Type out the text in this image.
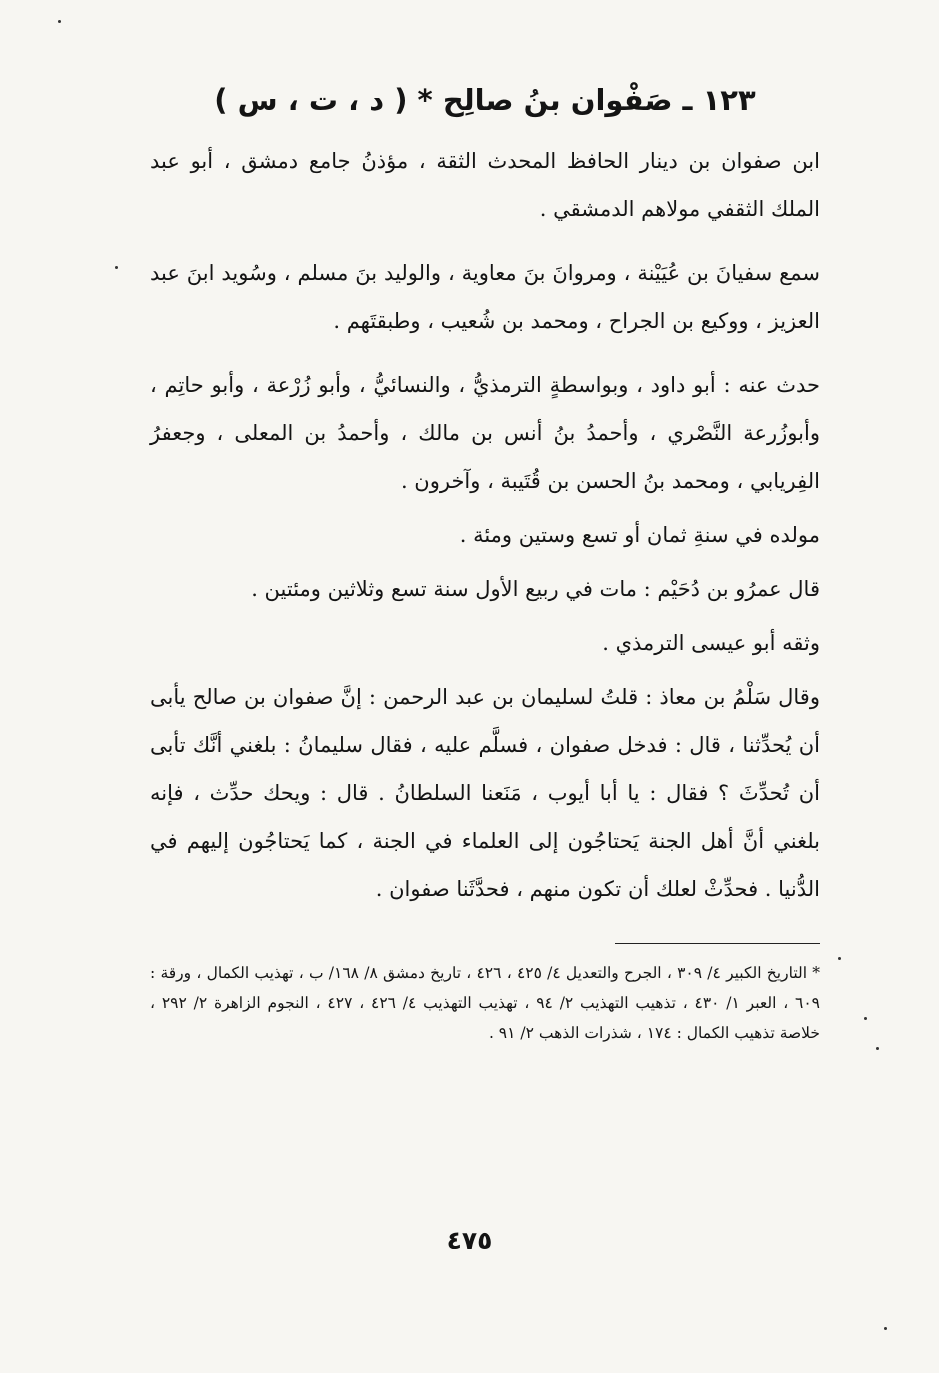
١٢٣ ـ صَفْوان بنُ صالِح * ( د ، ت ، س )

ابن صفوان بن دينار الحافظ المحدث الثقة ، مؤذنُ جامع دمشق ، أبو عبد الملك الثقفي مولاهم الدمشقي .

سمع سفيانَ بن عُيَيْنة ، ومروانَ بنَ معاوية ، والوليد بنَ مسلم ، وسُويد ابنَ عبد العزيز ، ووكيع بن الجراح ، ومحمد بن شُعيب ، وطبقتَهم .

حدث عنه : أبو داود ، وبواسطةٍ الترمذيُّ ، والنسائيُّ ، وأبو زُرْعة ، وأبو حاتِم ، وأبوزُرعة النَّصْري ، وأحمدُ بنُ أنس بن مالك ، وأحمدُ بن المعلى ، وجعفرُ الفِريابي ، ومحمد بنُ الحسن بن قُتَيبة ، وآخرون .

مولده في سنةِ ثمان أو تسع وستين ومئة .

قال عمرُو بن دُحَيْم : مات في ربيع الأول سنة تسع وثلاثين ومئتين .

وثقه أبو عيسى الترمذي .

وقال سَلْمُ بن معاذ : قلتُ لسليمان بن عبد الرحمن : إنَّ صفوان بن صالح يأبى أن يُحدِّثنا ، قال : فدخل صفوان ، فسلَّم عليه ، فقال سليمانُ : بلغني أنَّك تأبى أن تُحدِّثَ ؟ فقال : يا أبا أيوب ، مَنَعنا السلطانُ . قال : ويحك حدِّث ، فإنه بلغني أنَّ أهل الجنة يَحتاجُون إلى العلماء في الجنة ، كما يَحتاجُون إليهم في الدُّنيا . فحدِّثْ لعلك أن تكون منهم ، فحدَّثَنا صفوان .

* التاريخ الكبير ٤/ ٣٠٩ ، الجرح والتعديل ٤/ ٤٢٥ ، ٤٢٦ ، تاريخ دمشق ٨/ ١٦٨/ ب ، تهذيب الكمال ، ورقة : ٦٠٩ ، العبر ١/ ٤٣٠ ، تذهيب التهذيب ٢/ ٩٤ ، تهذيب التهذيب ٤/ ٤٢٦ ، ٤٢٧ ، النجوم الزاهرة ٢/ ٢٩٢ ، خلاصة تذهيب الكمال : ١٧٤ ، شذرات الذهب ٢/ ٩١ .

٤٧٥
